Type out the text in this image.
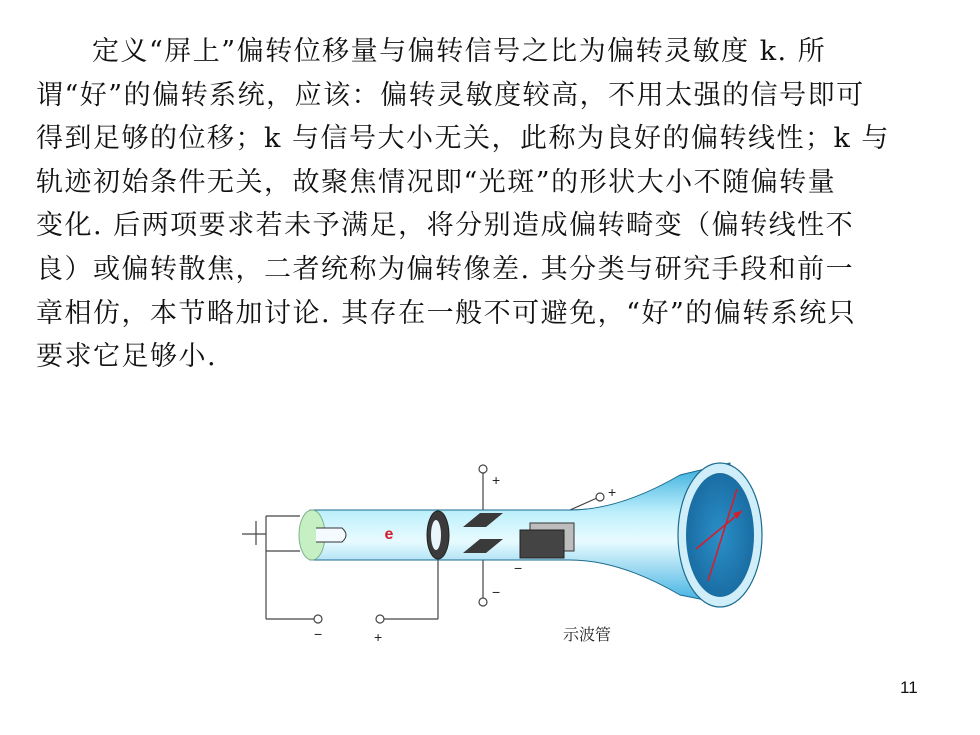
定义“屏上”偏转位移量与偏转信号之比为偏转灵敏度 k. 所
谓“好”的偏转系统，应该：偏转灵敏度较高，不用太强的信号即可
得到足够的位移；k 与信号大小无关，此称为良好的偏转线性；k 与
轨迹初始条件无关，故聚焦情况即“光斑”的形状大小不随偏转量
变化. 后两项要求若未予满足，将分别造成偏转畸变（偏转线性不
良）或偏转散焦，二者统称为偏转像差. 其分类与研究手段和前一
章相仿，本节略加讨论. 其存在一般不可避免，“好”的偏转系统只
要求它足够小.
e
+
−
+
−
−	+	示波管
11
